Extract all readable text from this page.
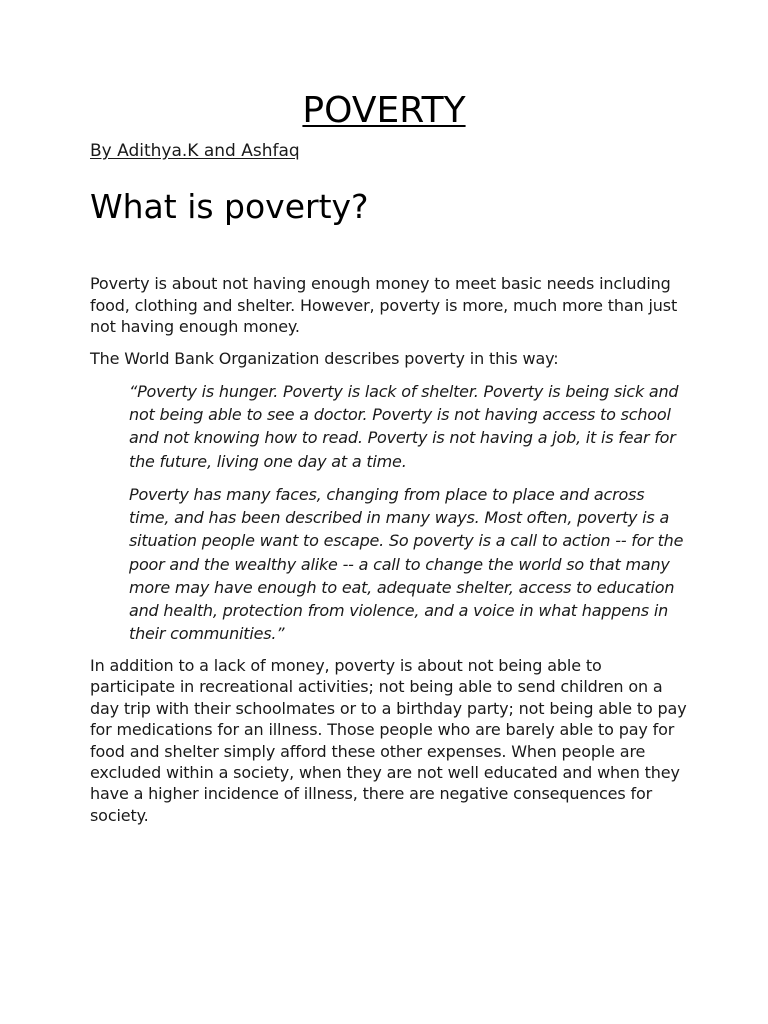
POVERTY

By Adithya.K and Ashfaq

What is poverty?

Poverty is about not having enough money to meet basic needs including food, clothing and shelter. However, poverty is more, much more than just not having enough money.

The World Bank Organization describes poverty in this way:

“Poverty is hunger. Poverty is lack of shelter. Poverty is being sick and not being able to see a doctor. Poverty is not having access to school and not knowing how to read. Poverty is not having a job, it is fear for the future, living one day at a time.

Poverty has many faces, changing from place to place and across time, and has been described in many ways. Most often, poverty is a situation people want to escape. So poverty is a call to action -- for the poor and the wealthy alike -- a call to change the world so that many more may have enough to eat, adequate shelter, access to education and health, protection from violence, and a voice in what happens in their communities.”

In addition to a lack of money, poverty is about not being able to participate in recreational activities; not being able to send children on a day trip with their schoolmates or to a birthday party; not being able to pay for medications for an illness. Those people who are barely able to pay for food and shelter simply afford these other expenses. When people are excluded within a society, when they are not well educated and when they have a higher incidence of illness, there are negative consequences for society.
